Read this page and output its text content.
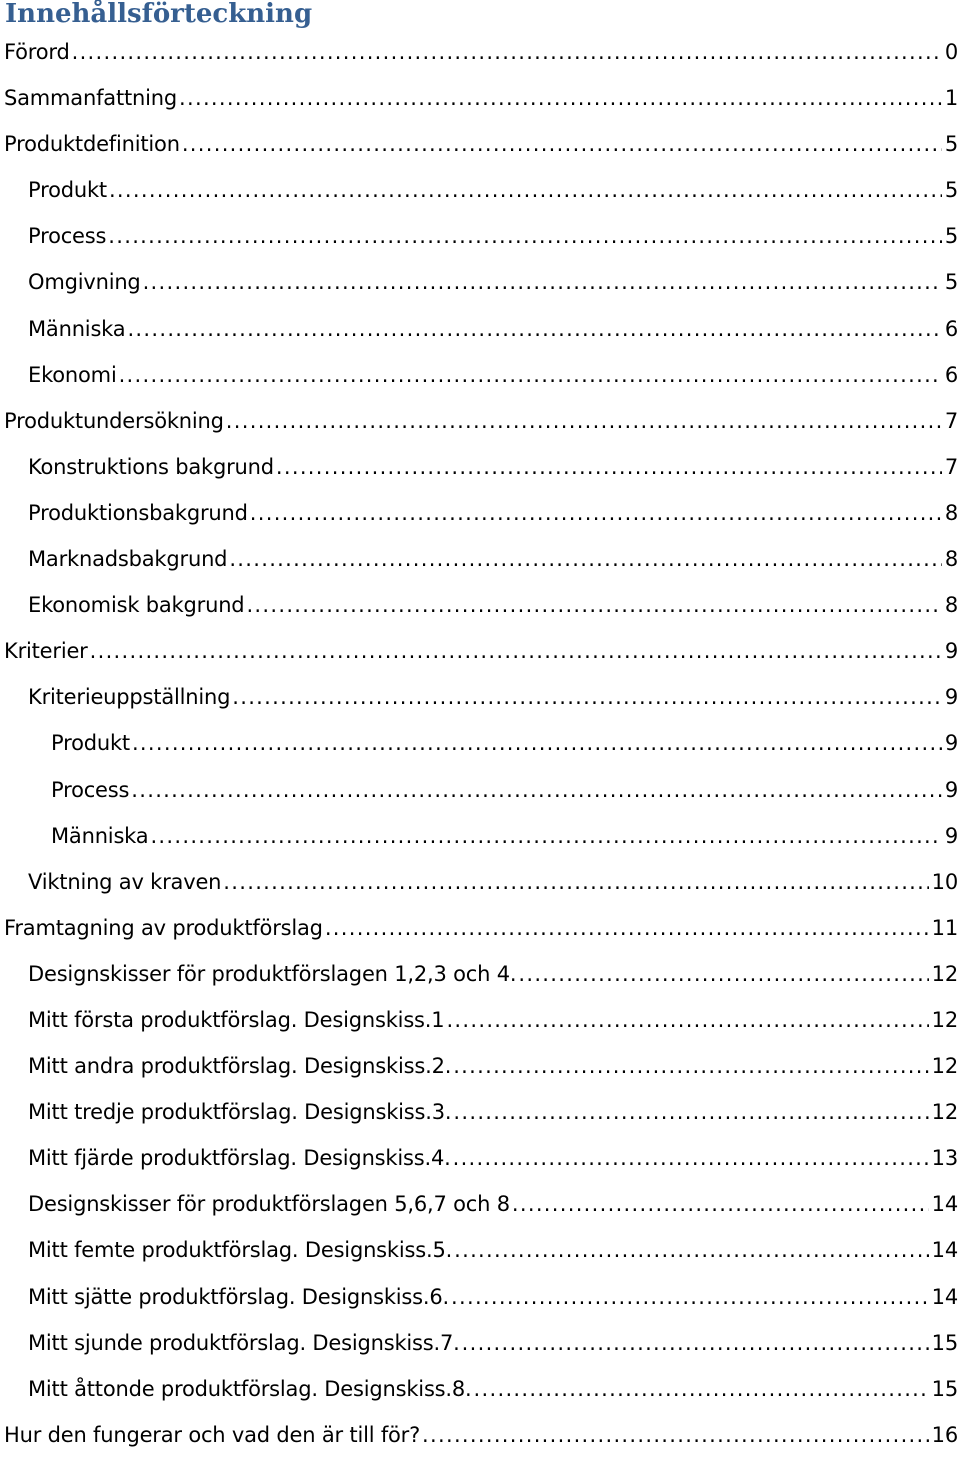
Innehållsförteckning
Förord .....	0
Sammanfattning .....	1
Produktdefinition .....	5
Produkt .....	5
Process .....	5
Omgivning .....	5
Människa .....	6
Ekonomi .....	6
Produktundersökning .....	7
Konstruktions bakgrund .....	7
Produktionsbakgrund .....	8
Marknadsbakgrund .....	8
Ekonomisk bakgrund .....	8
Kriterier .....	9
Kriterieuppställning .....	9
Produkt .....	9
Process .....	9
Människa .....	9
Viktning av kraven .....	10
Framtagning av produktförslag .....	11
Designskisser för produktförslagen 1,2,3 och 4. .....	12
Mitt första produktförslag. Designskiss.1 .....	12
Mitt andra produktförslag. Designskiss.2. .....	12
Mitt tredje produktförslag. Designskiss.3. .....	12
Mitt fjärde produktförslag. Designskiss.4. .....	13
Designskisser för produktförslagen 5,6,7 och 8 .....	14
Mitt femte produktförslag. Designskiss.5. .....	14
Mitt sjätte produktförslag. Designskiss.6. .....	14
Mitt sjunde produktförslag. Designskiss.7. .....	15
Mitt åttonde produktförslag. Designskiss.8. .....	15
Hur den fungerar och vad den är till för? .....	16
